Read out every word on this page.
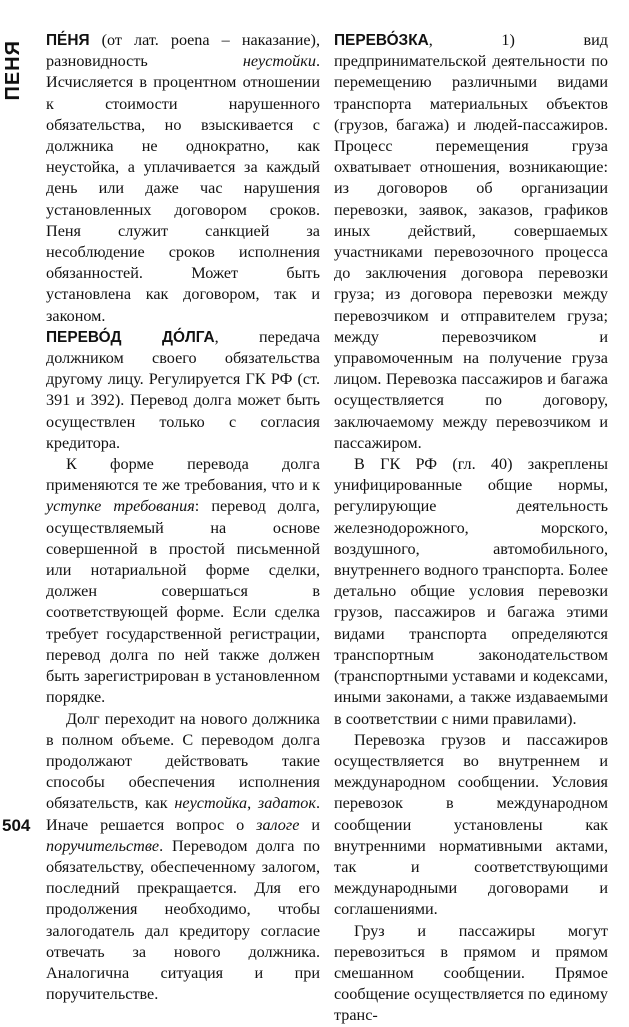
ПЕНЯ
504

ПЕ́НЯ (от лат. poena – наказание), разновидность неустойки. Исчисляется в процентном отношении к стоимости нарушенного обязательства, но взыскивается с должника не однократно, как неустойка, а уплачивается за каждый день или даже час нарушения установленных договором сроков. Пеня служит санкцией за несоблюдение сроков исполнения обязанностей. Может быть установлена как договором, так и законом.

ПЕРЕВО́Д ДО́ЛГА, передача должником своего обязательства другому лицу. Регулируется ГК РФ (ст. 391 и 392). Перевод долга может быть осуществлен только с согласия кредитора.

К форме перевода долга применяются те же требования, что и к уступке требования: перевод долга, осуществляемый на основе совершенной в простой письменной или нотариальной форме сделки, должен совершаться в соответствующей форме. Если сделка требует государственной регистрации, перевод долга по ней также должен быть зарегистрирован в установленном порядке.

Долг переходит на нового должника в полном объеме. С переводом долга продолжают действовать такие способы обеспечения исполнения обязательств, как неустойка, задаток. Иначе решается вопрос о залоге и поручительстве. Переводом долга по обязательству, обеспеченному залогом, последний прекращается. Для его продолжения необходимо, чтобы залогодатель дал кредитору согласие отвечать за нового должника. Аналогична ситуация и при поручительстве.

ПЕРЕВО́ЗКА, 1) вид предпринимательской деятельности по перемещению различными видами транспорта материальных объектов (грузов, багажа) и людей-пассажиров. Процесс перемещения груза охватывает отношения, возникающие: из договоров об организации перевозки, заявок, заказов, графиков иных действий, совершаемых участниками перевозочного процесса до заключения договора перевозки груза; из договора перевозки между перевозчиком и отправителем груза; между перевозчиком и управомоченным на получение груза лицом. Перевозка пассажиров и багажа осуществляется по договору, заключаемому между перевозчиком и пассажиром.

В ГК РФ (гл. 40) закреплены унифицированные общие нормы, регулирующие деятельность железнодорожного, морского, воздушного, автомобильного, внутреннего водного транспорта. Более детально общие условия перевозки грузов, пассажиров и багажа этими видами транспорта определяются транспортным законодательством (транспортными уставами и кодексами, иными законами, а также издаваемыми в соответствии с ними правилами).

Перевозка грузов и пассажиров осуществляется во внутреннем и международном сообщении. Условия перевозок в международном сообщении установлены как внутренними нормативными актами, так и соответствующими международными договорами и соглашениями.

Груз и пассажиры могут перевозиться в прямом и прямом смешанном сообщении. Прямое сообщение осуществляется по единому транс-
